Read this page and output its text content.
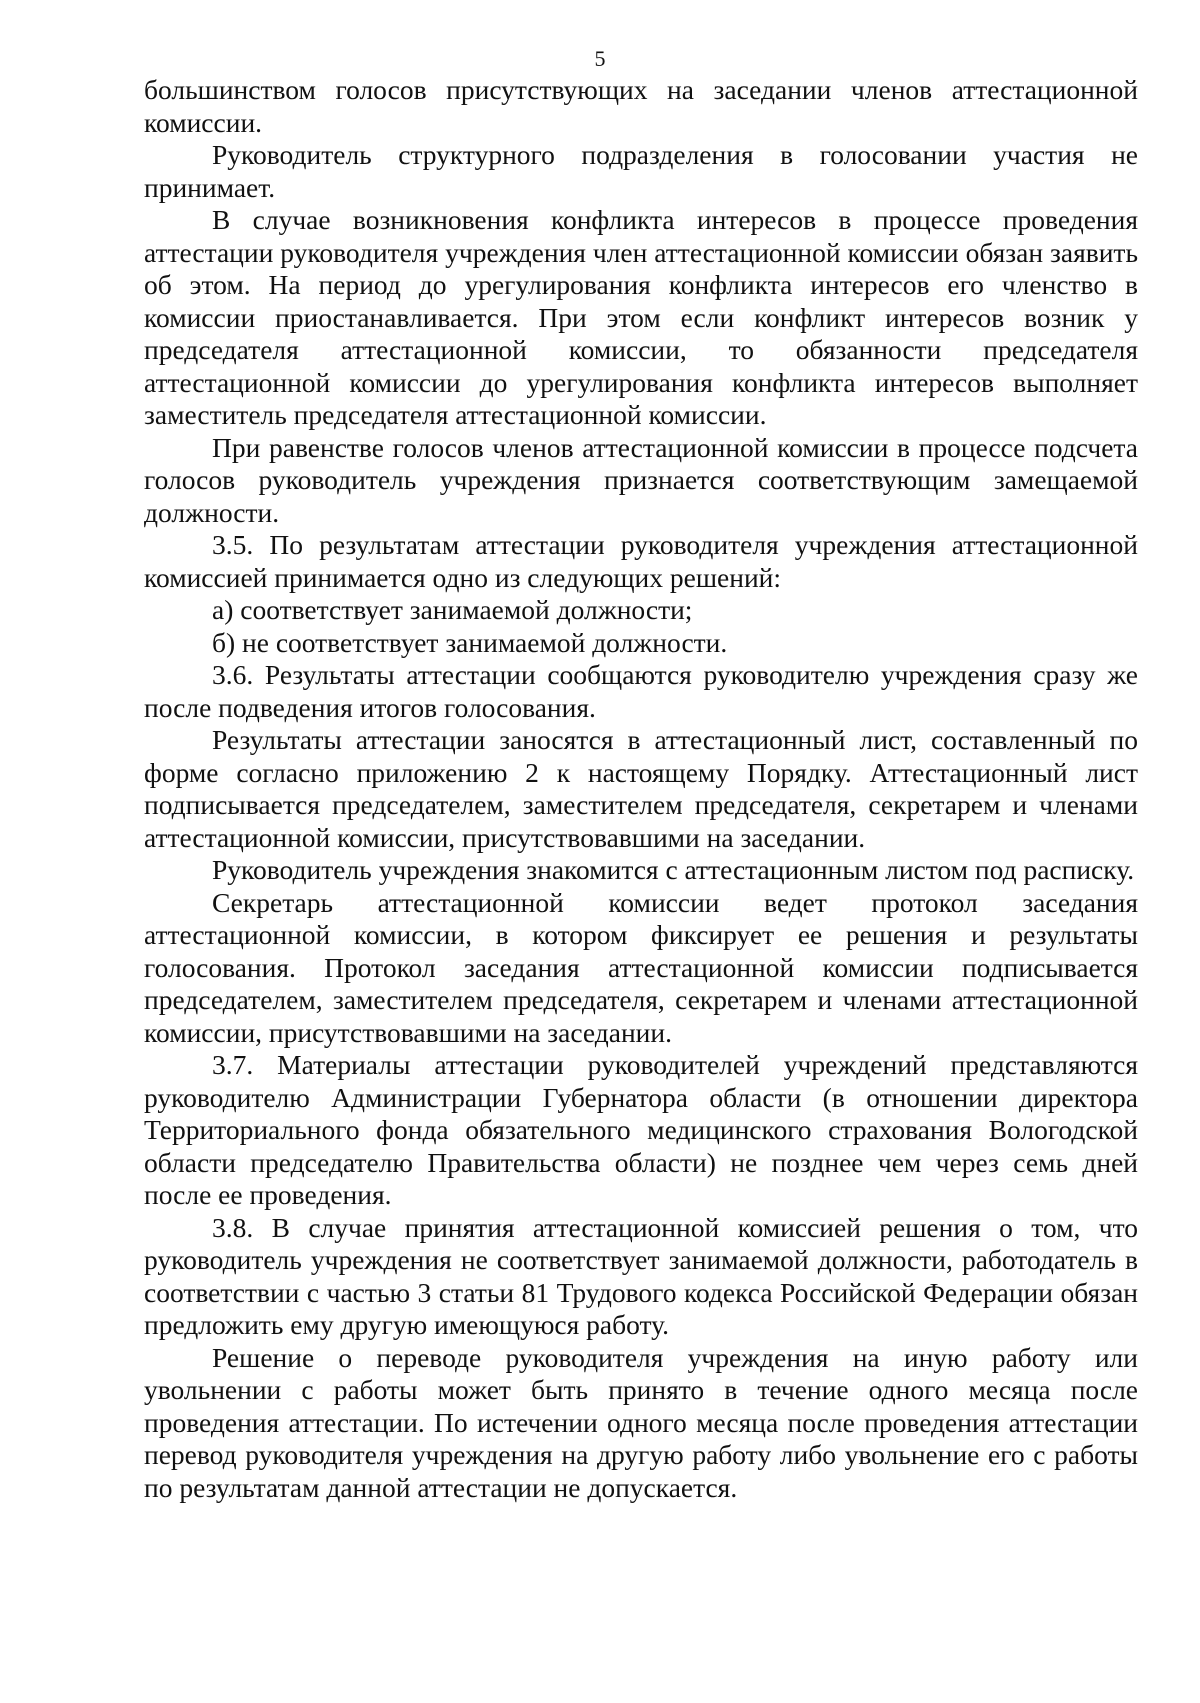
5

большинством голосов присутствующих на заседании членов аттестационной комиссии.

Руководитель структурного подразделения в голосовании участия не принимает.

В случае возникновения конфликта интересов в процессе проведения аттестации руководителя учреждения член аттестационной комиссии обязан заявить об этом. На период до урегулирования конфликта интересов его членство в комиссии приостанавливается. При этом если конфликт интересов возник у председателя аттестационной комиссии, то обязанности председателя аттестационной комиссии до урегулирования конфликта интересов выполняет заместитель председателя аттестационной комиссии.

При равенстве голосов членов аттестационной комиссии в процессе подсчета голосов руководитель учреждения признается соответствующим замещаемой должности.

3.5. По результатам аттестации руководителя учреждения аттестационной комиссией принимается одно из следующих решений:

а) соответствует занимаемой должности;

б) не соответствует занимаемой должности.

3.6. Результаты аттестации сообщаются руководителю учреждения сразу же после подведения итогов голосования.

Результаты аттестации заносятся в аттестационный лист, составленный по форме согласно приложению 2 к настоящему Порядку. Аттестационный лист подписывается председателем, заместителем председателя, секретарем и членами аттестационной комиссии, присутствовавшими на заседании.

Руководитель учреждения знакомится с аттестационным листом под расписку.

Секретарь аттестационной комиссии ведет протокол заседания аттестационной комиссии, в котором фиксирует ее решения и результаты голосования. Протокол заседания аттестационной комиссии подписывается председателем, заместителем председателя, секретарем и членами аттестационной комиссии, присутствовавшими на заседании.

3.7. Материалы аттестации руководителей учреждений представляются руководителю Администрации Губернатора области (в отношении директора Территориального фонда обязательного медицинского страхования Вологодской области председателю Правительства области) не позднее чем через семь дней после ее проведения.

3.8. В случае принятия аттестационной комиссией решения о том, что руководитель учреждения не соответствует занимаемой должности, работодатель в соответствии с частью 3 статьи 81 Трудового кодекса Российской Федерации обязан предложить ему другую имеющуюся работу.

Решение о переводе руководителя учреждения на иную работу или увольнении с работы может быть принято в течение одного месяца после проведения аттестации. По истечении одного месяца после проведения аттестации перевод руководителя учреждения на другую работу либо увольнение его с работы по результатам данной аттестации не допускается.
